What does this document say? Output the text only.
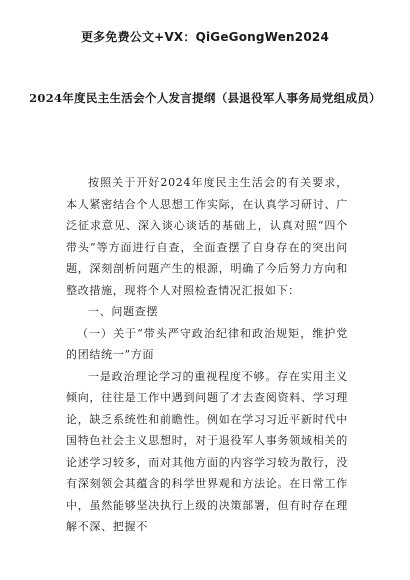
更多免费公文+VX：QiGeGongWen2024
2024年度民主生活会个人发言提纲（县退役军人事务局党组成员）

按照关于开好2024年度民主生活会的有关要求，本人紧密结合个人思想工作实际，在认真学习研讨、广泛征求意见、深入谈心谈话的基础上，认真对照“四个带头”等方面进行自查，全面查摆了自身存在的突出问题，深刻剖析问题产生的根源，明确了今后努力方向和整改措施，现将个人对照检查情况汇报如下：

一、问题查摆

（一）关于“带头严守政治纪律和政治规矩，维护党的团结统一”方面

一是政治理论学习的重视程度不够。存在实用主义倾向，往往是工作中遇到问题了才去查阅资料、学习理论，缺乏系统性和前瞻性。例如在学习习近平新时代中国特色社会主义思想时，对于退役军人事务领域相关的论述学习较多，而对其他方面的内容学习较为散行，没有深刻领会其蕴含的科学世界观和方法论。在日常工作中，虽然能够坚决执行上级的决策部署，但有时存在理解不深、把握不
